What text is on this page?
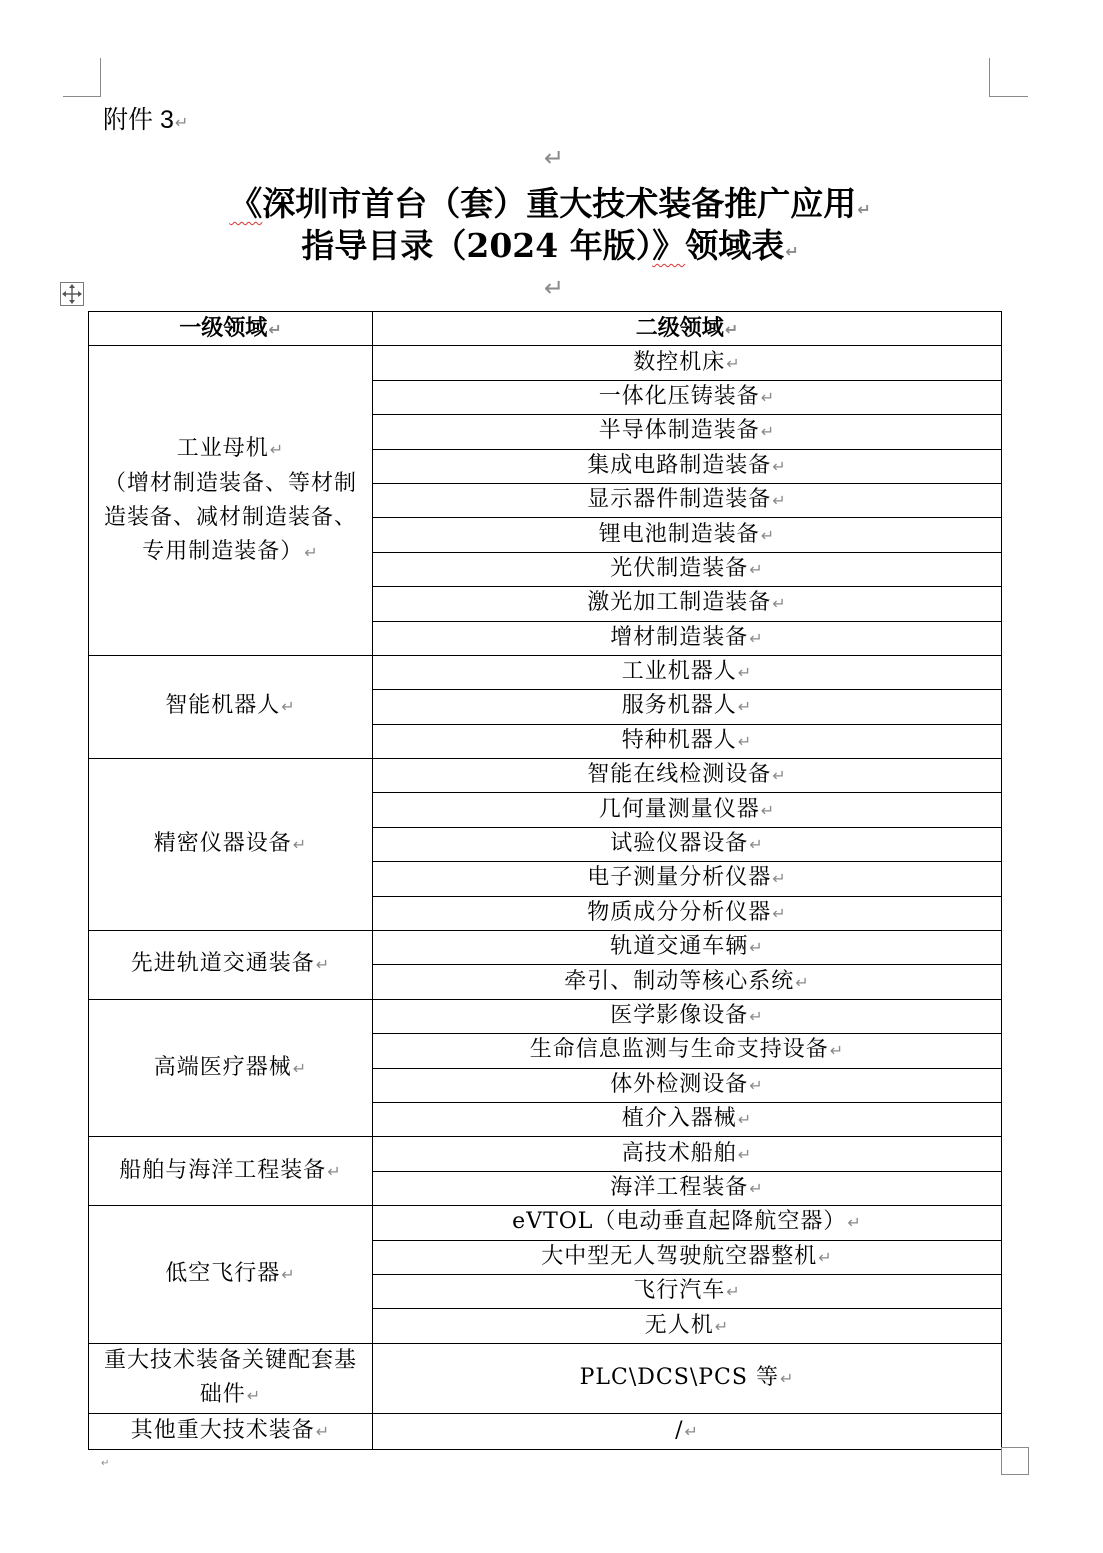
附件 3↵
↵
《深圳市首台（套）重大技术装备推广应用↵
指导目录（2024 年版）》领域表↵
↵
一级领域↵	二级领域↵
工业母机↵
（增材制造装备、等材制造装备、减材制造装备、专用制造装备）↵	数控机床↵
	一体化压铸装备↵
	半导体制造装备↵
	集成电路制造装备↵
	显示器件制造装备↵
	锂电池制造装备↵
	光伏制造装备↵
	激光加工制造装备↵
	增材制造装备↵
智能机器人↵	工业机器人↵
	服务机器人↵
	特种机器人↵
精密仪器设备↵	智能在线检测设备↵
	几何量测量仪器↵
	试验仪器设备↵
	电子测量分析仪器↵
	物质成分分析仪器↵
先进轨道交通装备↵	轨道交通车辆↵
	牵引、制动等核心系统↵
高端医疗器械↵	医学影像设备↵
	生命信息监测与生命支持设备↵
	体外检测设备↵
	植介入器械↵
船舶与海洋工程装备↵	高技术船舶↵
	海洋工程装备↵
低空飞行器↵	eVTOL（电动垂直起降航空器）↵
	大中型无人驾驶航空器整机↵
	飞行汽车↵
	无人机↵
重大技术装备关键配套基础件↵	PLC\DCS\PCS 等↵
其他重大技术装备↵	/↵
↵
